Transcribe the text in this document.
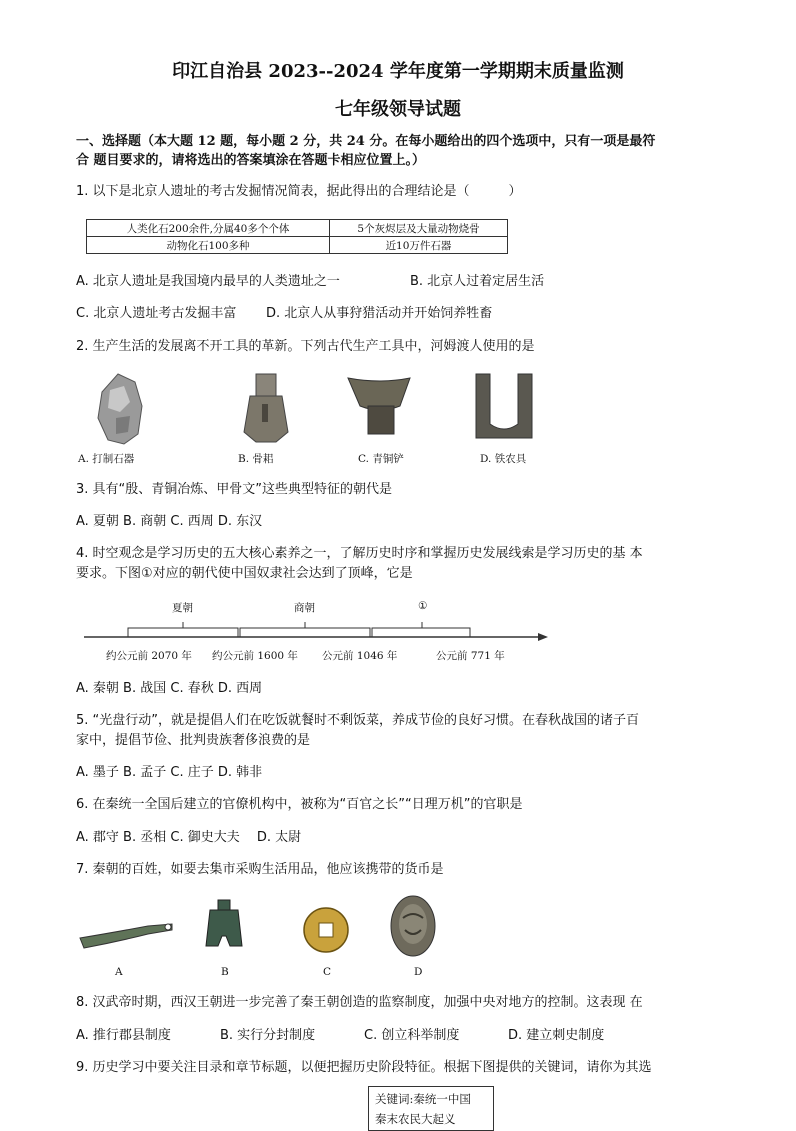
印江自治县 2023--2024 学年度第一学期期末质量监测
七年级领导试题
一、选择题（本大题 12 题，每小题 2 分，共 24 分。在每小题给出的四个选项中，只有一项是最符
合 题目要求的，请将选出的答案填涂在答题卡相应位置上。）
1. 以下是北京人遗址的考古发掘情况简表，据此得出的合理结论是（　　　）
人类化石200余件,分属40多个个体	5个灰烬层及大量动物烧骨
动物化石100多种	近10万件石器
A. 北京人遗址是我国境内最早的人类遗址之一	B. 北京人过着定居生活
C. 北京人遗址考古发掘丰富 D. 北京人从事狩猎活动并开始饲养牲畜
2. 生产生活的发展离不开工具的革新。下列古代生产工具中，河姆渡人使用的是
A. 打制石器	B. 骨耜	C. 青铜铲	D. 铁农具
3. 具有“殷、青铜冶炼、甲骨文”这些典型特征的朝代是
A. 夏朝 B. 商朝 C. 西周 D. 东汉
4. 时空观念是学习历史的五大核心素养之一，了解历史时序和掌握历史发展线索是学习历史的基 本
要求。下图①对应的朝代使中国奴隶社会达到了顶峰，它是
夏朝	商朝	①
约公元前 2070 年 约公元前 1600 年 公元前 1046 年	公元前 771 年
A. 秦朝 B. 战国 C. 春秋 D. 西周
5. “光盘行动”，就是提倡人们在吃饭就餐时不剩饭菜，养成节俭的良好习惯。在春秋战国的诸子百
家中，提倡节俭、批判贵族奢侈浪费的是
A. 墨子 B. 孟子 C. 庄子 D. 韩非
6. 在秦统一全国后建立的官僚机构中，被称为“百官之长”“日理万机”的官职是
A. 郡守 B. 丞相 C. 御史大夫　 D. 太尉
7. 秦朝的百姓，如要去集市采购生活用品，他应该携带的货币是
A	B	C	D
8. 汉武帝时期，西汉王朝进一步完善了秦王朝创造的监察制度，加强中央对地方的控制。这表现 在
A. 推行郡县制度	B. 实行分封制度	C. 创立科举制度	D. 建立刺史制度
9. 历史学习中要关注目录和章节标题，以便把握历史阶段特征。根据下图提供的关键词，请你为其选
关键词:秦统一中国
秦末农民大起义
